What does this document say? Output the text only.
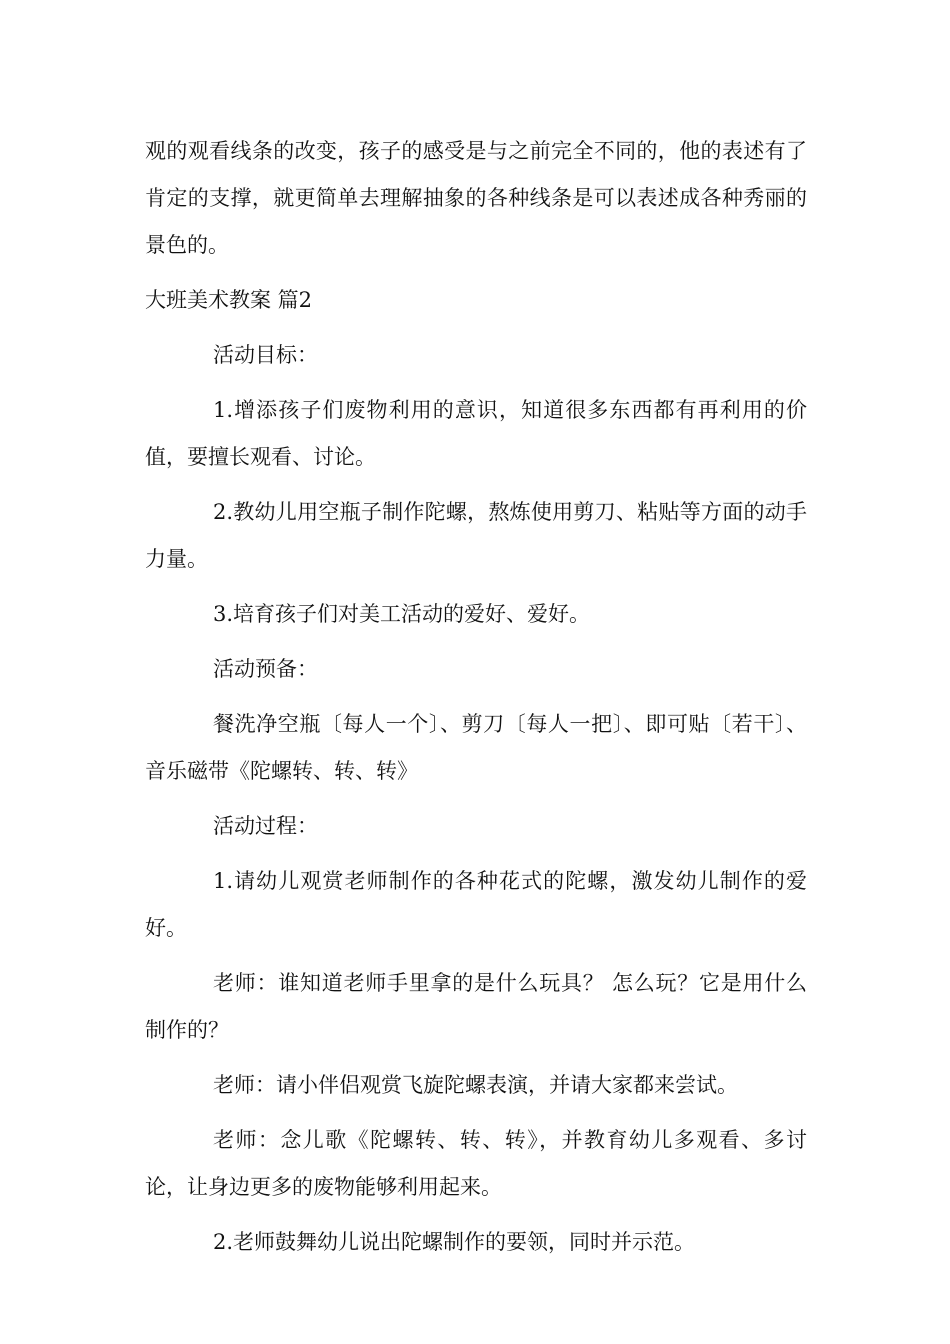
观的观看线条的改变，孩子的感受是与之前完全不同的，他的表述有了肯定的支撑，就更简单去理解抽象的各种线条是可以表述成各种秀丽的景色的。

大班美术教案 篇2

活动目标：

1.增添孩子们废物利用的意识，知道很多东西都有再利用的价值，要擅长观看、讨论。

2.教幼儿用空瓶子制作陀螺，熬炼使用剪刀、粘贴等方面的动手力量。

3.培育孩子们对美工活动的爱好、爱好。

活动预备：

餐洗净空瓶〔每人一个〕、剪刀〔每人一把〕、即可贴〔若干〕、音乐磁带《陀螺转、转、转》

活动过程：

1.请幼儿观赏老师制作的各种花式的陀螺，激发幼儿制作的爱好。

老师：谁知道老师手里拿的是什么玩具？ 怎么玩？它是用什么制作的？

老师：请小伴侣观赏飞旋陀螺表演，并请大家都来尝试。

老师：念儿歌《陀螺转、转、转》，并教育幼儿多观看、多讨论，让身边更多的废物能够利用起来。

2.老师鼓舞幼儿说出陀螺制作的要领，同时并示范。
